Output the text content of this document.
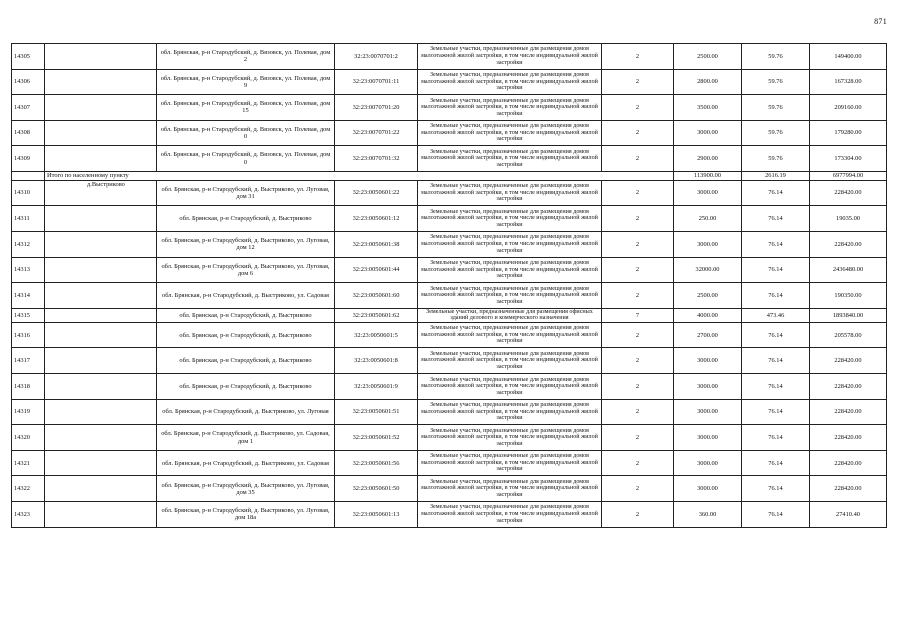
871
14305		обл. Брянская, р-н Стародубский, д. Вязовск, ул. Полевая, дом 2	32:23:0070701:2	Земельные участки, предназначенные для размещения домов малоэтажной жилой застройки, в том числе индивидуальной жилой застройки	2	2500.00	59.76	149400.00
14306		обл. Брянская, р-н Стародубский, д. Вязовск, ул. Полевая, дом 9	32:23:0070701:11	Земельные участки, предназначенные для размещения домов малоэтажной жилой застройки, в том числе индивидуальной жилой застройки	2	2800.00	59.76	167328.00
14307		обл. Брянская, р-н Стародубский, д. Вязовск, ул. Полевая, дом 15	32:23:0070701:20	Земельные участки, предназначенные для размещения домов малоэтажной жилой застройки, в том числе индивидуальной жилой застройки	2	3500.00	59.76	209160.00
14308		обл. Брянская, р-н Стародубский, д. Вязовск, ул. Полевая, дом 0	32:23:0070701:22	Земельные участки, предназначенные для размещения домов малоэтажной жилой застройки, в том числе индивидуальной жилой застройки	2	3000.00	59.76	179280.00
14309		обл. Брянская, р-н Стародубский, д. Вязовск, ул. Полевая, дом 0	32:23:0070701:32	Земельные участки, предназначенные для размещения домов малоэтажной жилой застройки, в том числе индивидуальной жилой застройки	2	2900.00	59.76	173304.00
	Итого по населенному пункту					113900.00	2616.19	6977994.00
14310	д.Выстриково	обл. Брянская, р-н Стародубский, д. Выстриково, ул. Луговая, дом 31	32:23:0050601:22	Земельные участки, предназначенные для размещения домов малоэтажной жилой застройки, в том числе индивидуальной жилой застройки	2	3000.00	76.14	228420.00
14311		обл. Брянская, р-н Стародубский, д. Выстриково	32:23:0050601:12	Земельные участки, предназначенные для размещения домов малоэтажной жилой застройки, в том числе индивидуальной жилой застройки	2	250.00	76.14	19035.00
14312		обл. Брянская, р-н Стародубский, д. Выстриково, ул. Луговая, дом 12	32:23:0050601:38	Земельные участки, предназначенные для размещения домов малоэтажной жилой застройки, в том числе индивидуальной жилой застройки	2	3000.00	76.14	228420.00
14313		обл. Брянская, р-н Стародубский, д. Выстриково, ул. Луговая, дом 6	32:23:0050601:44	Земельные участки, предназначенные для размещения домов малоэтажной жилой застройки, в том числе индивидуальной жилой застройки	2	32000.00	76.14	2436480.00
14314		обл. Брянская, р-н Стародубский, д. Выстриково, ул. Садовая	32:23:0050601:60	Земельные участки, предназначенные для размещения домов малоэтажной жилой застройки, в том числе индивидуальной жилой застройки	2	2500.00	76.14	190350.00
14315		обл. Брянская, р-н Стародубский, д. Выстриково	32:23:0050601:62	Земельные участки, предназначенные для размещения офисных зданий делового и коммерческого назначения	7	4000.00	473.46	1893840.00
14316		обл. Брянская, р-н Стародубский, д. Выстриково	32:23:0050601:5	Земельные участки, предназначенные для размещения домов малоэтажной жилой застройки, в том числе индивидуальной жилой застройки	2	2700.00	76.14	205578.00
14317		обл. Брянская, р-н Стародубский, д. Выстриково	32:23:0050601:8	Земельные участки, предназначенные для размещения домов малоэтажной жилой застройки, в том числе индивидуальной жилой застройки	2	3000.00	76.14	228420.00
14318		обл. Брянская, р-н Стародубский, д. Выстриково	32:23:0050601:9	Земельные участки, предназначенные для размещения домов малоэтажной жилой застройки, в том числе индивидуальной жилой застройки	2	3000.00	76.14	228420.00
14319		обл. Брянская, р-н Стародубский, д. Выстриково, ул. Луговая	32:23:0050601:51	Земельные участки, предназначенные для размещения домов малоэтажной жилой застройки, в том числе индивидуальной жилой застройки	2	3000.00	76.14	228420.00
14320		обл. Брянская, р-н Стародубский, д. Выстриково, ул. Садовая, дом 1	32:23:0050601:52	Земельные участки, предназначенные для размещения домов малоэтажной жилой застройки, в том числе индивидуальной жилой застройки	2	3000.00	76.14	228420.00
14321		обл. Брянская, р-н Стародубский, д. Выстриково, ул. Садовая	32:23:0050601:56	Земельные участки, предназначенные для размещения домов малоэтажной жилой застройки, в том числе индивидуальной жилой застройки	2	3000.00	76.14	228420.00
14322		обл. Брянская, р-н Стародубский, д. Выстриково, ул. Луговая, дом 35	32:23:0050601:50	Земельные участки, предназначенные для размещения домов малоэтажной жилой застройки, в том числе индивидуальной жилой застройки	2	3000.00	76.14	228420.00
14323		обл. Брянская, р-н Стародубский, д. Выстриково, ул. Луговая, дом 18а	32:23:0050601:13	Земельные участки, предназначенные для размещения домов малоэтажной жилой застройки, в том числе индивидуальной жилой застройки	2	360.00	76.14	27410.40
